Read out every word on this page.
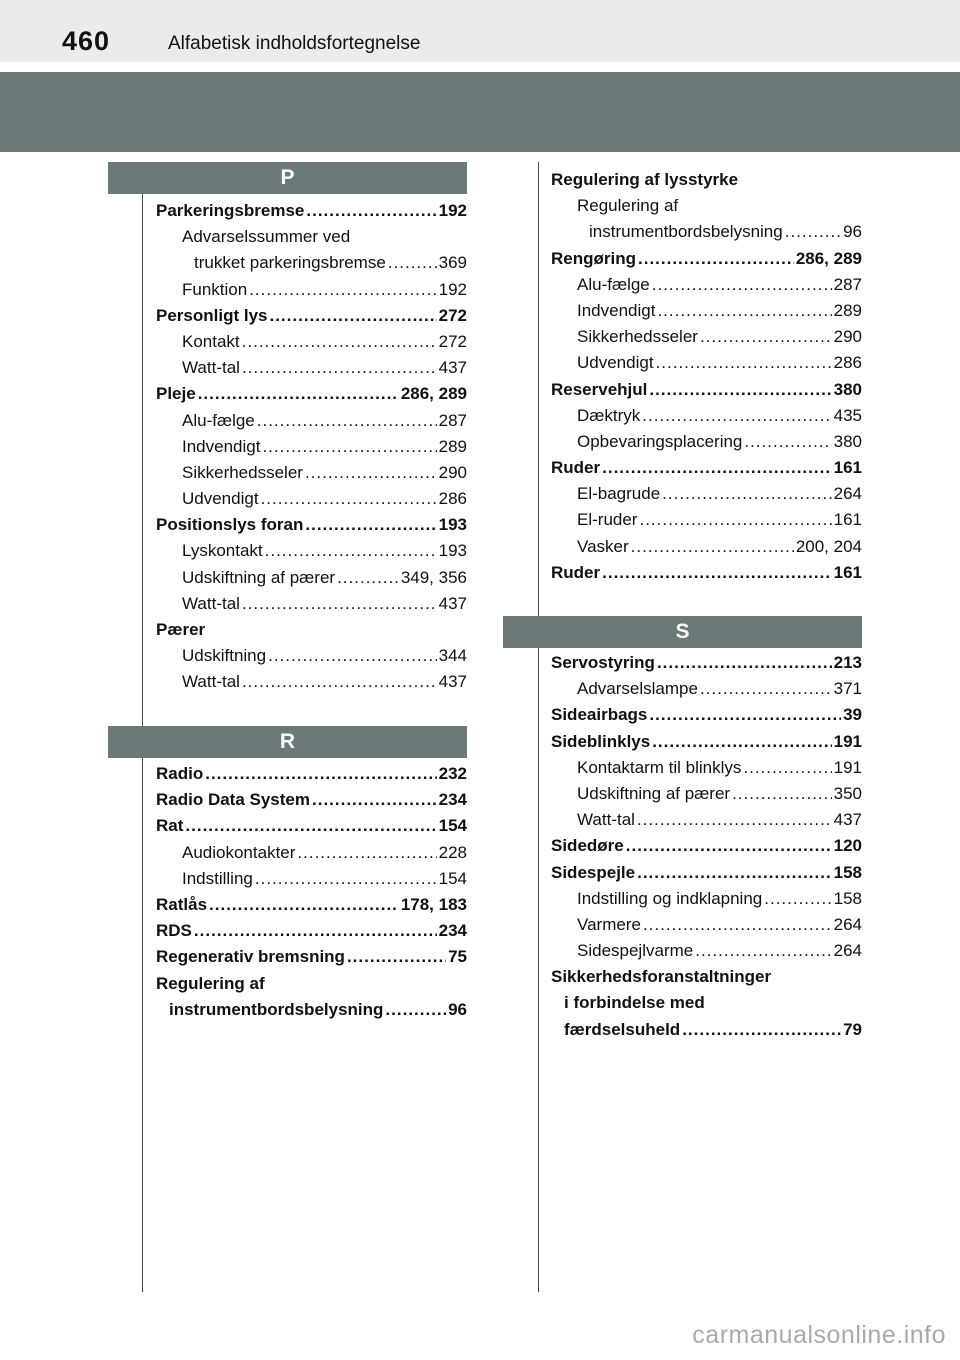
460	Alfabetisk indholdsfortegnelse
P
Parkeringsbremse .....	192
Advarselssummer ved
trukket parkeringsbremse .....	369
Funktion .....	192
Personligt lys .....	272
Kontakt .....	272
Watt-tal .....	437
Pleje .....	286, 289
Alu-fælge .....	287
Indvendigt .....	289
Sikkerhedsseler .....	290
Udvendigt .....	286
Positionslys foran .....	193
Lyskontakt .....	193
Udskiftning af pærer .....	349, 356
Watt-tal .....	437
Pærer
Udskiftning .....	344
Watt-tal .....	437
R
Radio .....	232
Radio Data System .....	234
Rat .....	154
Audiokontakter .....	228
Indstilling .....	154
Ratlås .....	178, 183
RDS .....	234
Regenerativ bremsning .....	75
Regulering af
instrumentbordsbelysning .....	96
Regulering af lysstyrke
Regulering af
instrumentbordsbelysning .....	96
Rengøring .....	286, 289
Alu-fælge .....	287
Indvendigt .....	289
Sikkerhedsseler .....	290
Udvendigt .....	286
Reservehjul .....	380
Dæktryk .....	435
Opbevaringsplacering .....	380
Ruder .....	161
El-bagrude .....	264
El-ruder .....	161
Vasker .....	200, 204
Ruder .....	161
S
Servostyring .....	213
Advarselslampe .....	371
Sideairbags .....	39
Sideblinklys .....	191
Kontaktarm til blinklys .....	191
Udskiftning af pærer .....	350
Watt-tal .....	437
Sidedøre .....	120
Sidespejle .....	158
Indstilling og indklapning .....	158
Varmere .....	264
Sidespejlvarme .....	264
Sikkerhedsforanstaltninger
i forbindelse med
færdselsuheld .....	79
carmanualsonline.info
